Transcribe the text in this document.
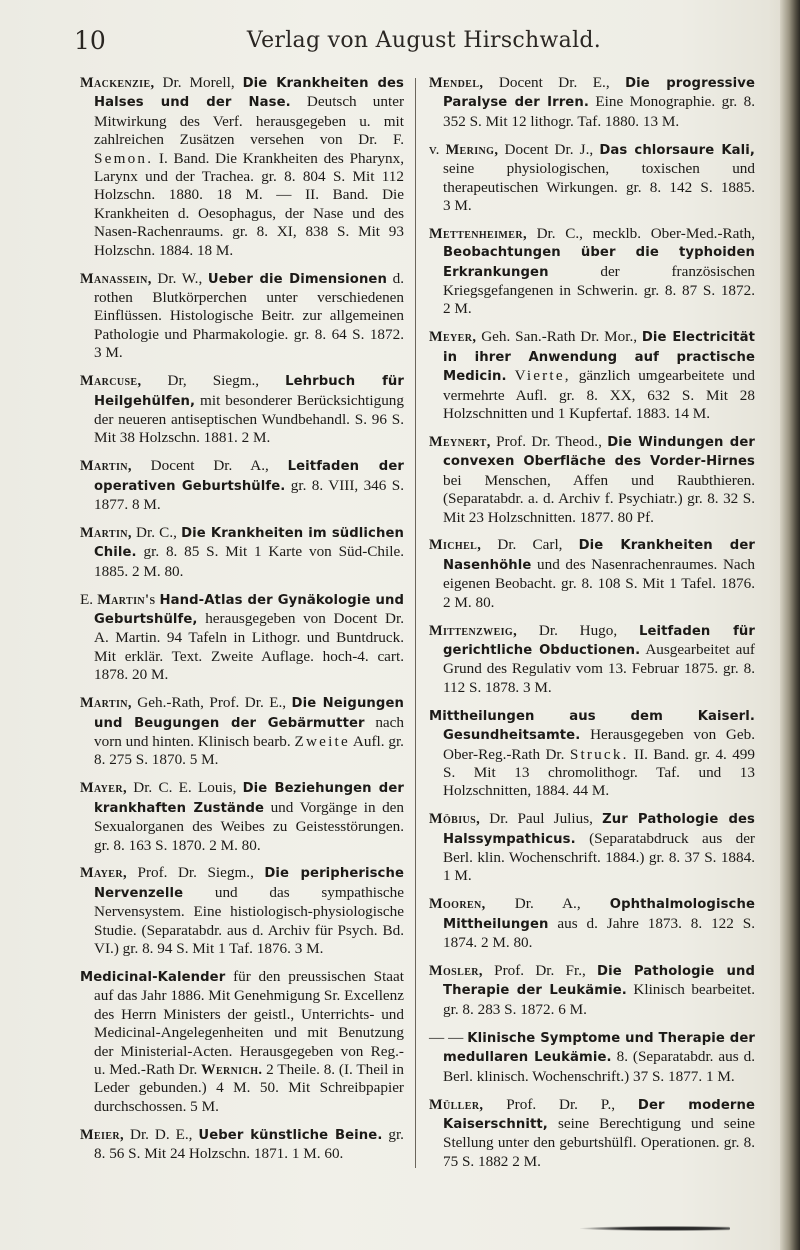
10	Verlag von August Hirschwald.

Mackenzie, Dr. Morell, Die Krankheiten des Halses und der Nase. Deutsch unter Mitwirkung des Verf. herausgegeben u. mit zahlreichen Zusätzen versehen von Dr. F. Semon. I. Band. Die Krankheiten des Pharynx, Larynx und der Trachea. gr. 8. 804 S. Mit 112 Holzschn. 1880. 18 M. — II. Band. Die Krankheiten d. Oesophagus, der Nase und des Nasen-Rachenraums. gr. 8. XI, 838 S. Mit 93 Holzschn. 1884. 18 M.

Manassein, Dr. W., Ueber die Dimensionen d. rothen Blutkörperchen unter verschiedenen Einflüssen. Histologische Beitr. zur allgemeinen Pathologie und Pharmakologie. gr. 8. 64 S. 1872. 3 M.

Marcuse, Dr, Siegm., Lehrbuch für Heilgehülfen, mit besonderer Berücksichtigung der neueren antiseptischen Wundbehandl. S. 96 S. Mit 38 Holzschn. 1881. 2 M.

Martin, Docent Dr. A., Leitfaden der operativen Geburtshülfe. gr. 8. VIII, 346 S. 1877. 8 M.

Martin, Dr. C., Die Krankheiten im südlichen Chile. gr. 8. 85 S. Mit 1 Karte von Süd-Chile. 1885. 2 M. 80.

E. Martin's Hand-Atlas der Gynäkologie und Geburtshülfe, herausgegeben von Docent Dr. A. Martin. 94 Tafeln in Lithogr. und Buntdruck. Mit erklär. Text. Zweite Auflage. hoch-4. cart. 1878. 20 M.

Martin, Geh.-Rath, Prof. Dr. E., Die Neigungen und Beugungen der Gebärmutter nach vorn und hinten. Klinisch bearb. Zweite Aufl. gr. 8. 275 S. 1870. 5 M.

Mayer, Dr. C. E. Louis, Die Beziehungen der krankhaften Zustände und Vorgänge in den Sexualorganen des Weibes zu Geistesstörungen. gr. 8. 163 S. 1870. 2 M. 80.

Mayer, Prof. Dr. Siegm., Die peripherische Nervenzelle und das sympathische Nervensystem. Eine histiologisch-physiologische Studie. (Separatabdr. aus d. Archiv für Psych. Bd. VI.) gr. 8. 94 S. Mit 1 Taf. 1876. 3 M.

Medicinal-Kalender für den preussischen Staat auf das Jahr 1886. Mit Genehmigung Sr. Excellenz des Herrn Ministers der geistl., Unterrichts- und Medicinal-Angelegenheiten und mit Benutzung der Ministerial-Acten. Herausgegeben von Reg.- u. Med.-Rath Dr. Wernich. 2 Theile. 8. (I. Theil in Leder gebunden.) 4 M. 50. Mit Schreibpapier durchschossen. 5 M.

Meier, Dr. D. E., Ueber künstliche Beine. gr. 8. 56 S. Mit 24 Holzschn. 1871. 1 M. 60.

Mendel, Docent Dr. E., Die progressive Paralyse der Irren. Eine Monographie. gr. 8. 352 S. Mit 12 lithogr. Taf. 1880. 13 M.

v. Mering, Docent Dr. J., Das chlorsaure Kali, seine physiologischen, toxischen und therapeutischen Wirkungen. gr. 8. 142 S. 1885. 3 M.

Mettenheimer, Dr. C., mecklb. Ober-Med.-Rath, Beobachtungen über die typhoiden Erkrankungen der französischen Kriegsgefangenen in Schwerin. gr. 8. 87 S. 1872. 2 M.

Meyer, Geh. San.-Rath Dr. Mor., Die Electricität in ihrer Anwendung auf practische Medicin. Vierte, gänzlich umgearbeitete und vermehrte Aufl. gr. 8. XX, 632 S. Mit 28 Holzschnitten und 1 Kupfertaf. 1883. 14 M.

Meynert, Prof. Dr. Theod., Die Windungen der convexen Oberfläche des Vorder-Hirnes bei Menschen, Affen und Raubthieren. (Separatabdr. a. d. Archiv f. Psychiatr.) gr. 8. 32 S. Mit 23 Holzschnitten. 1877. 80 Pf.

Michel, Dr. Carl, Die Krankheiten der Nasenhöhle und des Nasenrachenraumes. Nach eigenen Beobacht. gr. 8. 108 S. Mit 1 Tafel. 1876. 2 M. 80.

Mittenzweig, Dr. Hugo, Leitfaden für gerichtliche Obductionen. Ausgearbeitet auf Grund des Regulativ vom 13. Februar 1875. gr. 8. 112 S. 1878. 3 M.

Mittheilungen aus dem Kaiserl. Gesundheitsamte. Herausgegeben von Geb. Ober-Reg.-Rath Dr. Struck. II. Band. gr. 4. 499 S. Mit 13 chromolithogr. Taf. und 13 Holzschnitten, 1884. 44 M.

Möbius, Dr. Paul Julius, Zur Pathologie des Halssympathicus. (Separatabdruck aus der Berl. klin. Wochenschrift. 1884.) gr. 8. 37 S. 1884. 1 M.

Mooren, Dr. A., Ophthalmologische Mittheilungen aus d. Jahre 1873. 8. 122 S. 1874. 2 M. 80.

Mosler, Prof. Dr. Fr., Die Pathologie und Therapie der Leukämie. Klinisch bearbeitet. gr. 8. 283 S. 1872. 6 M.

— — Klinische Symptome und Therapie der medullaren Leukämie. 8. (Separatabdr. aus d. Berl. klinisch. Wochenschrift.) 37 S. 1877. 1 M.

Müller, Prof. Dr. P., Der moderne Kaiserschnitt, seine Berechtigung und seine Stellung unter den geburtshülfl. Operationen. gr. 8. 75 S. 1882 2 M.
